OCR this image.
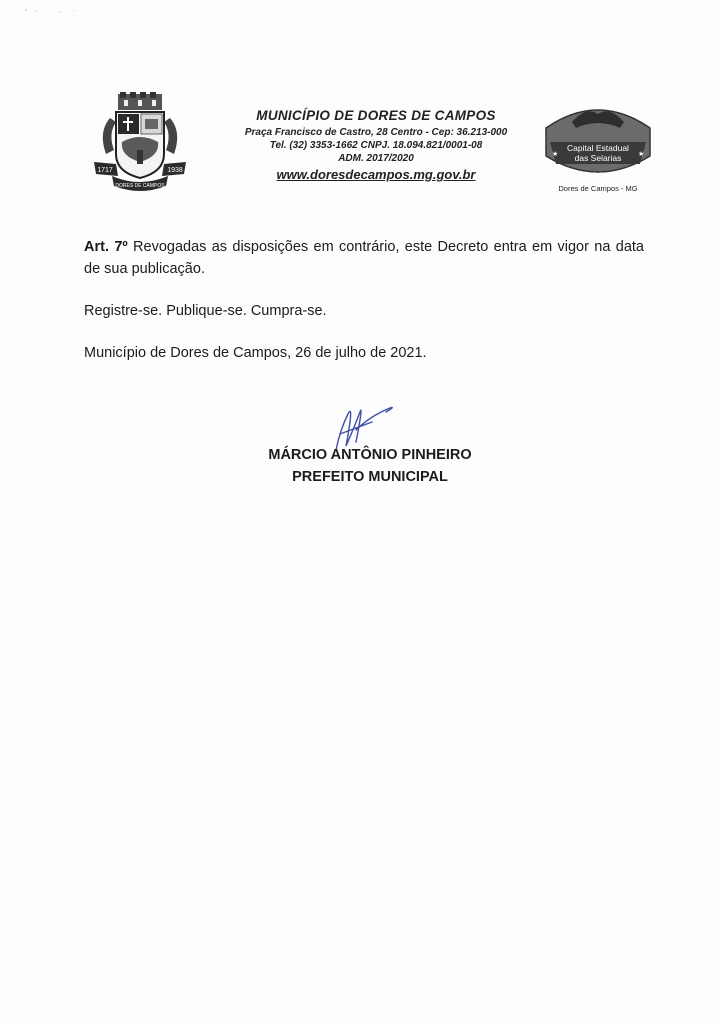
1717	1938
DORES DE CAMPOS
MUNICÍPIO DE DORES DE CAMPOS
Praça Francisco de Castro, 28 Centro - Cep: 36.213-000
Tel. (32) 3353-1662 CNPJ. 18.094.821/0001-08
ADM. 2017/2020
www.doresdecampos.mg.gov.br
Capital Estadual
das Selarias
★	★
★ ★
Dores de Campos - MG
Art. 7º Revogadas as disposições em contrário, este Decreto entra em vigor na data de sua publicação.
Registre-se. Publique-se. Cumpra-se.
Município de Dores de Campos, 26 de julho de 2021.
MÁRCIO ANTÔNIO PINHEIRO
PREFEITO MUNICIPAL
